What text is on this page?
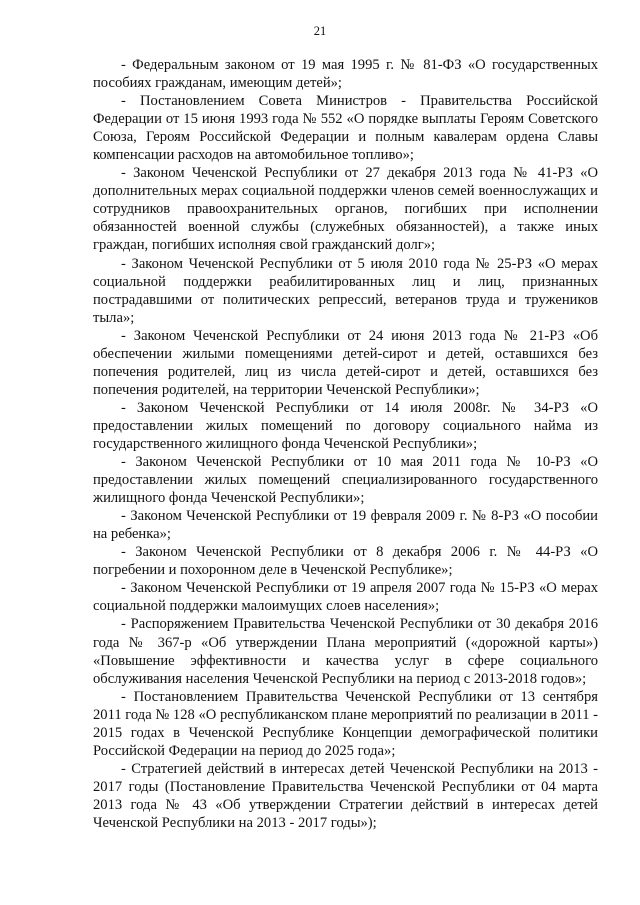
21

- Федеральным законом от 19 мая 1995 г. № 81-ФЗ «О государственных пособиях гражданам, имеющим детей»;

- Постановлением Совета Министров - Правительства Российской Федерации от 15 июня 1993 года № 552 «О порядке выплаты Героям Советского Союза, Героям Российской Федерации и полным кавалерам ордена Славы компенсации расходов на автомобильное топливо»;

- Законом Чеченской Республики от 27 декабря 2013 года № 41-РЗ «О дополнительных мерах социальной поддержки членов семей военнослужащих и сотрудников правоохранительных органов, погибших при исполнении обязанностей военной службы (служебных обязанностей), а также иных граждан, погибших исполняя свой гражданский долг»;

- Законом Чеченской Республики от 5 июля 2010 года № 25-РЗ «О мерах социальной поддержки реабилитированных лиц и лиц, признанных пострадавшими от политических репрессий, ветеранов труда и тружеников тыла»;

- Законом Чеченской Республики от 24 июня 2013 года № 21-РЗ «Об обеспечении жилыми помещениями детей-сирот и детей, оставшихся без попечения родителей, лиц из числа детей-сирот и детей, оставшихся без попечения родителей, на территории Чеченской Республики»;

- Законом Чеченской Республики от 14 июля 2008г. № 34-РЗ «О предоставлении жилых помещений по договору социального найма из государственного жилищного фонда Чеченской Республики»;

- Законом Чеченской Республики от 10 мая 2011 года № 10-РЗ «О предоставлении жилых помещений специализированного государственного жилищного фонда Чеченской Республики»;

- Законом Чеченской Республики от 19 февраля 2009 г. № 8-РЗ «О пособии на ребенка»;

- Законом Чеченской Республики от 8 декабря 2006 г. № 44-РЗ «О погребении и похоронном деле в Чеченской Республике»;

- Законом Чеченской Республики от 19 апреля 2007 года № 15-РЗ «О мерах социальной поддержки малоимущих слоев населения»;

- Распоряжением Правительства Чеченской Республики от 30 декабря 2016 года № 367-р «Об утверждении Плана мероприятий («дорожной карты») «Повышение эффективности и качества услуг в сфере социального обслуживания населения Чеченской Республики на период с 2013-2018 годов»;

- Постановлением Правительства Чеченской Республики от 13 сентября 2011 года № 128 «О республиканском плане мероприятий по реализации в 2011 - 2015 годах в Чеченской Республике Концепции демографической политики Российской Федерации на период до 2025 года»;

- Стратегией действий в интересах детей Чеченской Республики на 2013 - 2017 годы (Постановление Правительства Чеченской Республики от 04 марта 2013 года № 43 «Об утверждении Стратегии действий в интересах детей Чеченской Республики на 2013 - 2017 годы»);
